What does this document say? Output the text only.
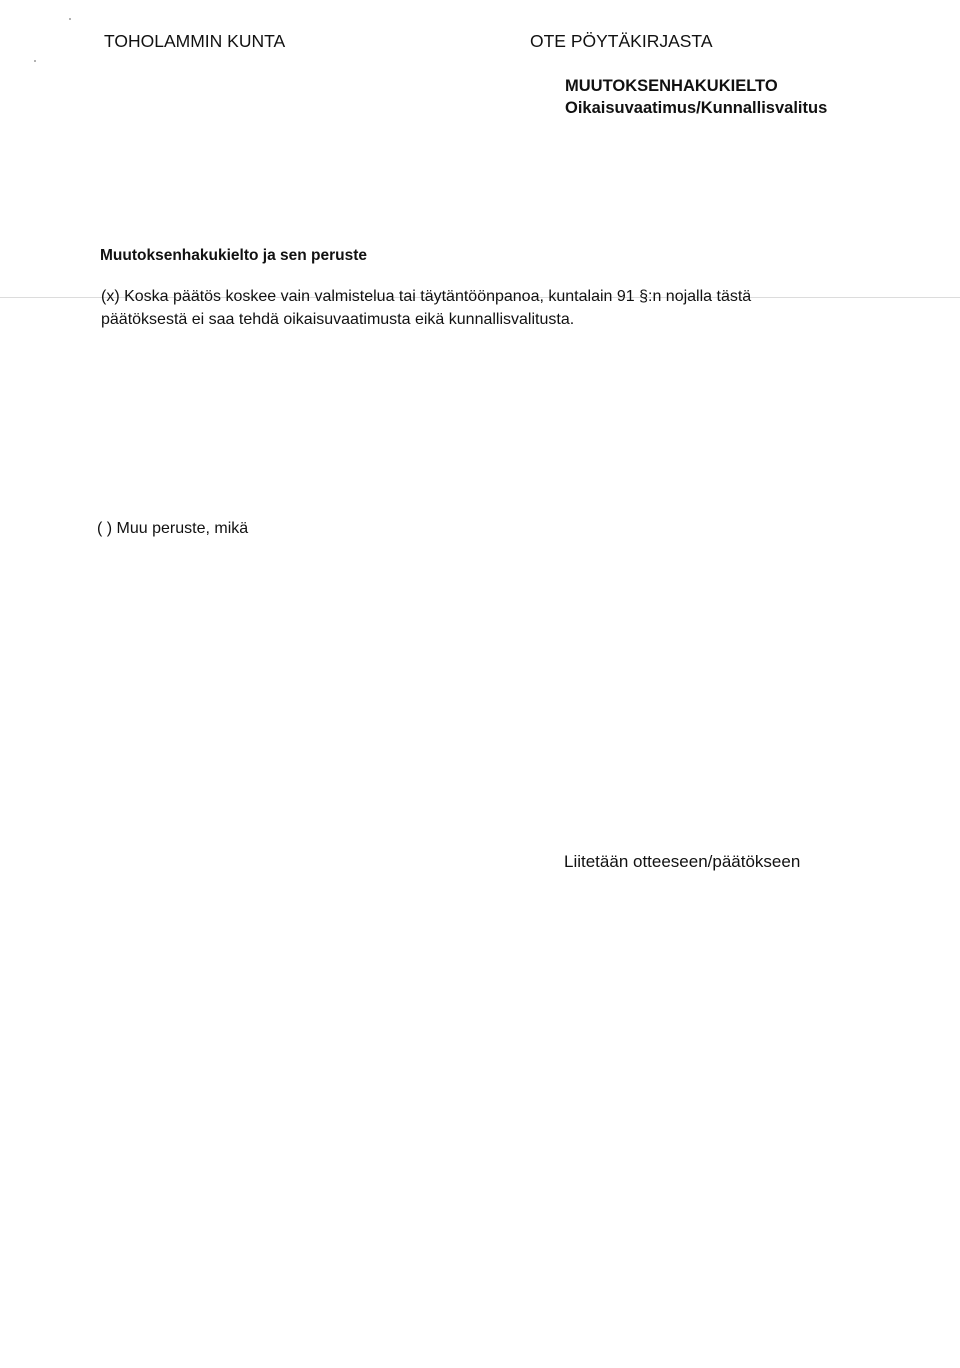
TOHOLAMMIN KUNTA	OTE PÖYTÄKIRJASTA
MUUTOKSENHAKUKIELTO
Oikaisuvaatimus/Kunnallisvalitus
Muutoksenhakukielto ja sen peruste
(x) Koska päätös koskee vain valmistelua tai täytäntöönpanoa, kuntalain 91 §:n nojalla tästä
päätöksestä ei saa tehdä oikaisuvaatimusta eikä kunnallisvalitusta.
( ) Muu peruste, mikä
Liitetään otteeseen/päätökseen
